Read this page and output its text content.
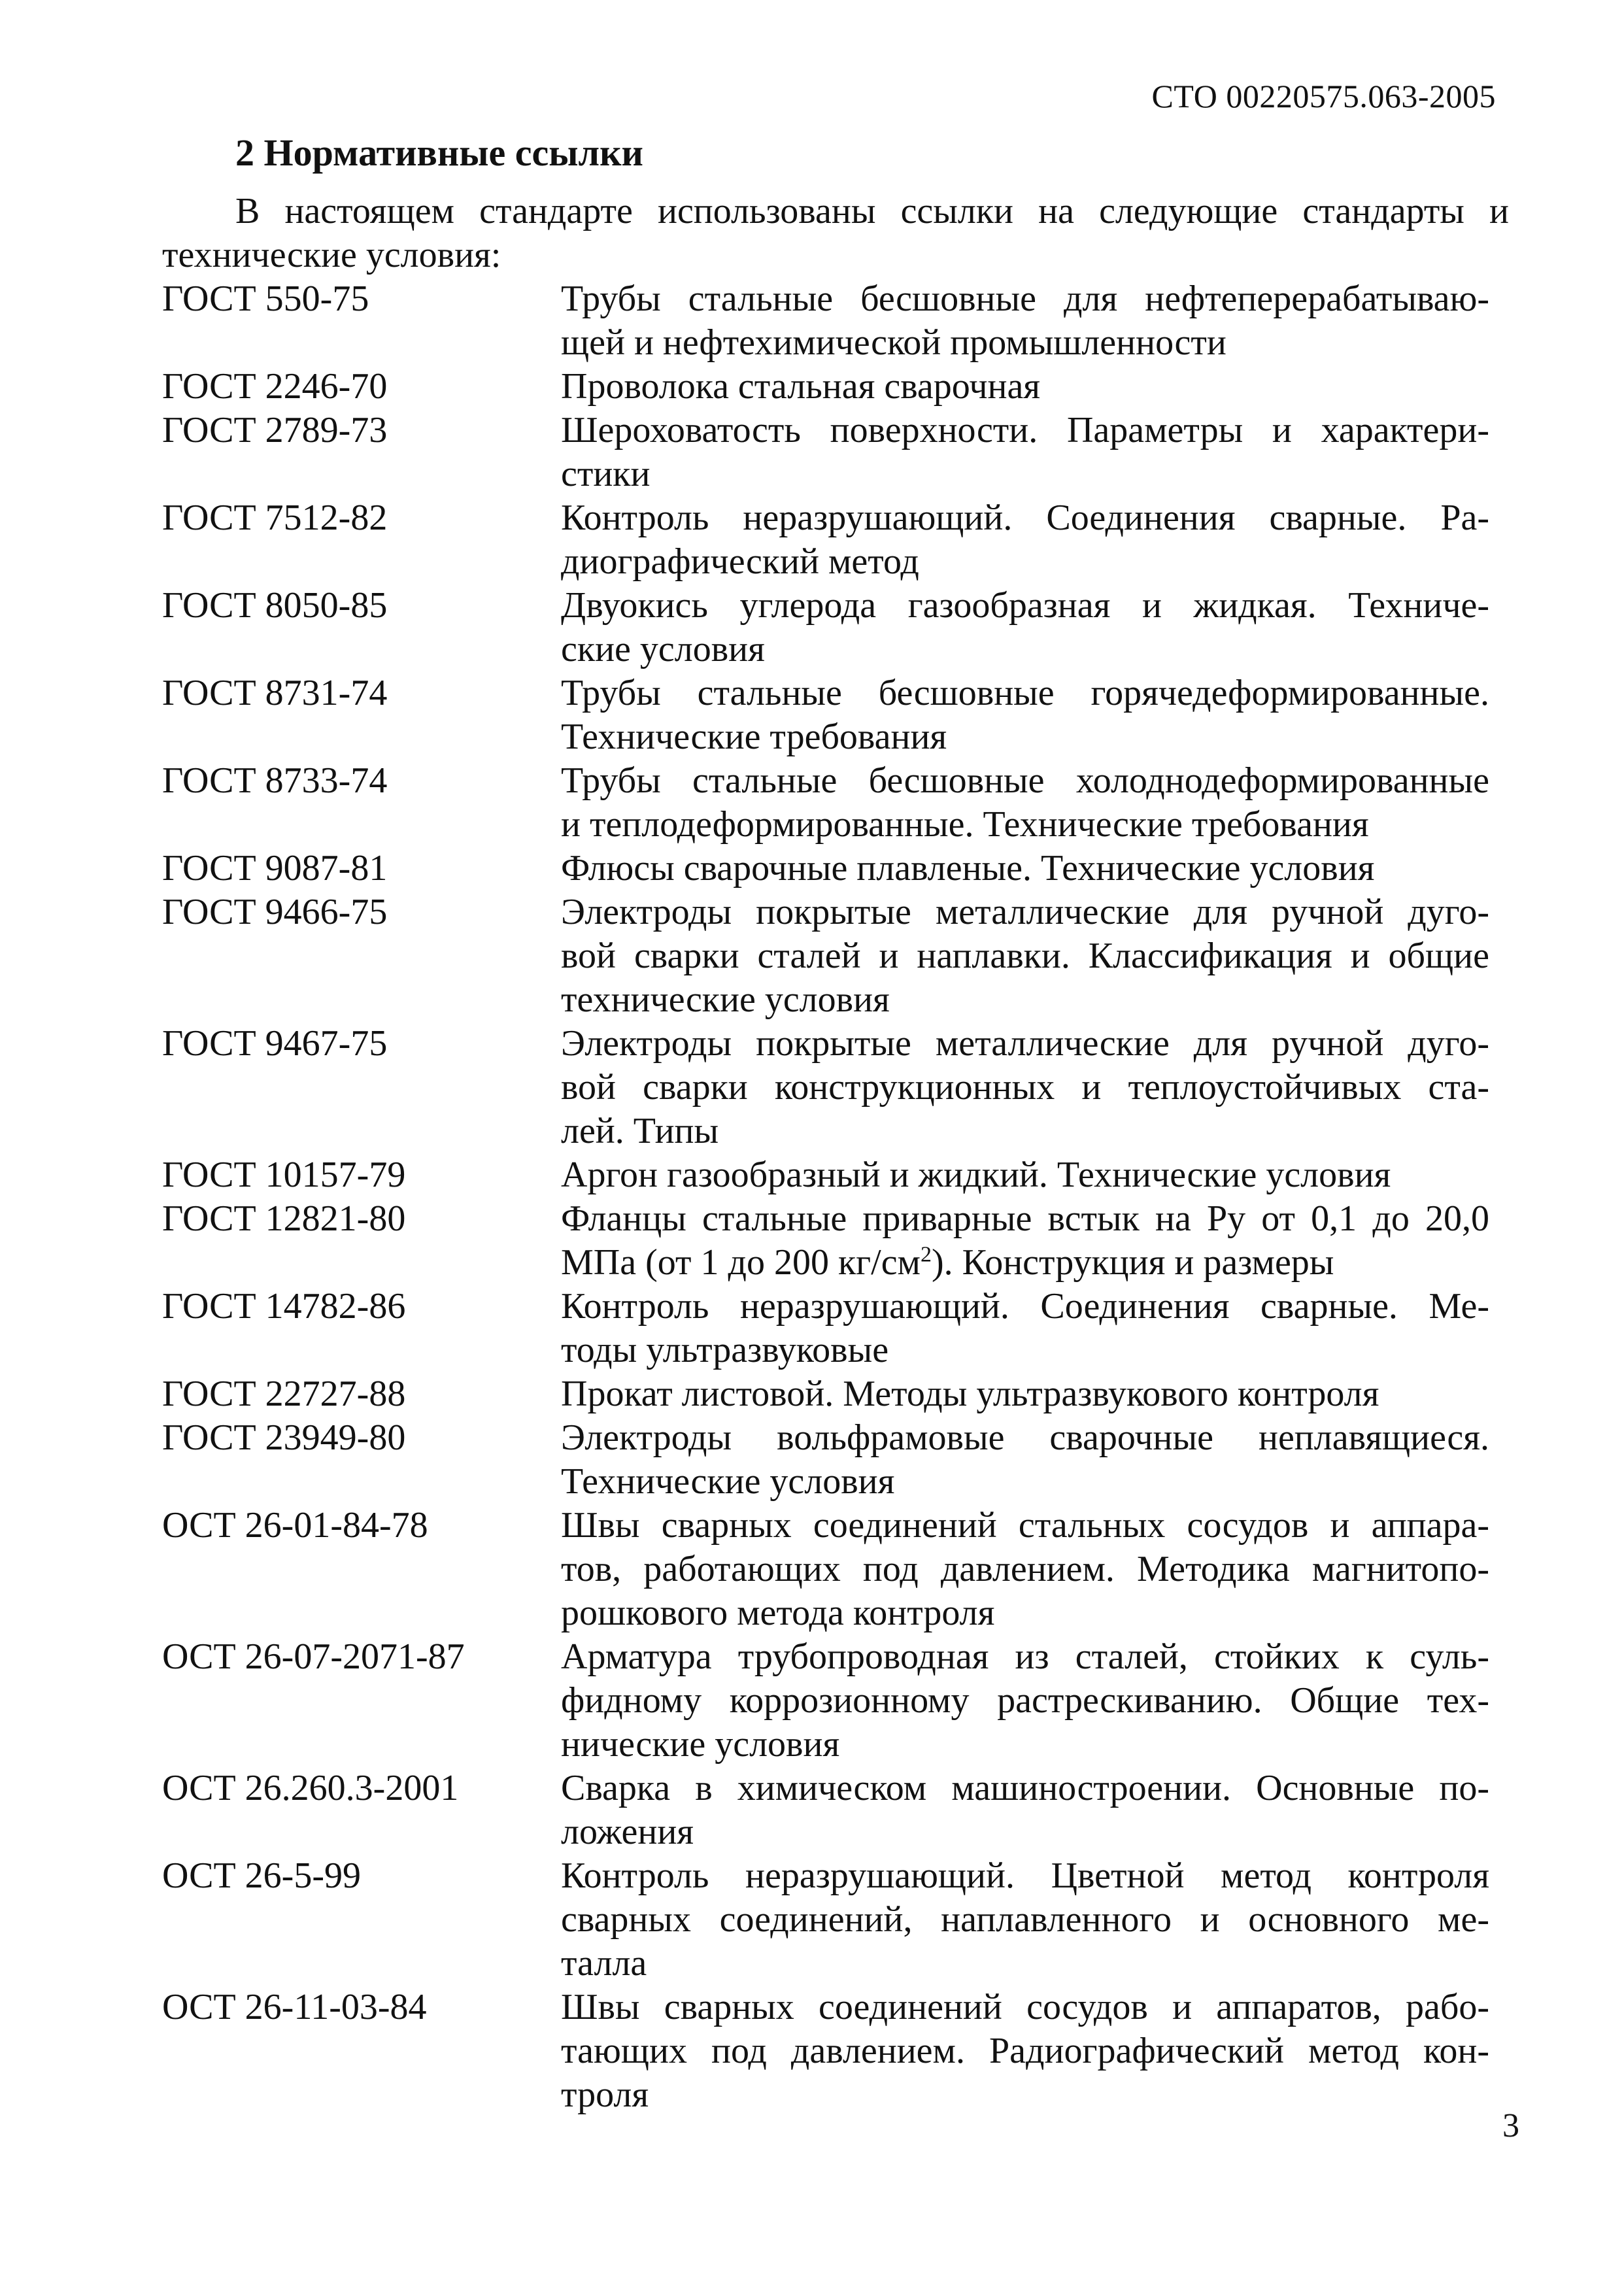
СТО 00220575.063-2005
2 Нормативные ссылки

В настоящем стандарте использованы ссылки на следующие стандарты и
технические условия:

ГОСТ 550-75	Трубы стальные бесшовные для нефтеперерабатываю-
щей и нефтехимической промышленности
ГОСТ 2246-70	Проволока стальная сварочная
ГОСТ 2789-73	Шероховатость поверхности. Параметры и характери-
стики
ГОСТ 7512-82	Контроль неразрушающий. Соединения сварные. Ра-
диографический метод
ГОСТ 8050-85	Двуокись углерода газообразная и жидкая. Техниче-
ские условия
ГОСТ 8731-74	Трубы стальные бесшовные горячедеформированные.
Технические требования
ГОСТ 8733-74	Трубы стальные бесшовные холоднодеформированные
и теплодеформированные. Технические требования
ГОСТ 9087-81	Флюсы сварочные плавленые. Технические условия
ГОСТ 9466-75	Электроды покрытые металлические для ручной дуго-
вой сварки сталей и наплавки. Классификация и общие
технические условия
ГОСТ 9467-75	Электроды покрытые металлические для ручной дуго-
вой сварки конструкционных и теплоустойчивых ста-
лей. Типы
ГОСТ 10157-79	Аргон газообразный и жидкий. Технические условия
ГОСТ 12821-80	Фланцы стальные приварные встык на Ру от 0,1 до 20,0
МПа (от 1 до 200 $кг/см^2$). Конструкция и размеры
ГОСТ 14782-86	Контроль неразрушающий. Соединения сварные. Ме-
тоды ультразвуковые
ГОСТ 22727-88	Прокат листовой. Методы ультразвукового контроля
ГОСТ 23949-80	Электроды вольфрамовые сварочные неплавящиеся.
Технические условия
ОСТ 26-01-84-78	Швы сварных соединений стальных сосудов и аппара-
тов, работающих под давлением. Методика магнитопо-
рошкового метода контроля
ОСТ 26-07-2071-87	Арматура трубопроводная из сталей, стойких к суль-
фидному коррозионному растрескиванию. Общие тех-
нические условия
ОСТ 26.260.3-2001	Сварка в химическом машиностроении. Основные по-
ложения
ОСТ 26-5-99	Контроль неразрушающий. Цветной метод контроля
сварных соединений, наплавленного и основного ме-
талла
ОСТ 26-11-03-84	Швы сварных соединений сосудов и аппаратов, рабо-
тающих под давлением. Радиографический метод кон-
троля
3
